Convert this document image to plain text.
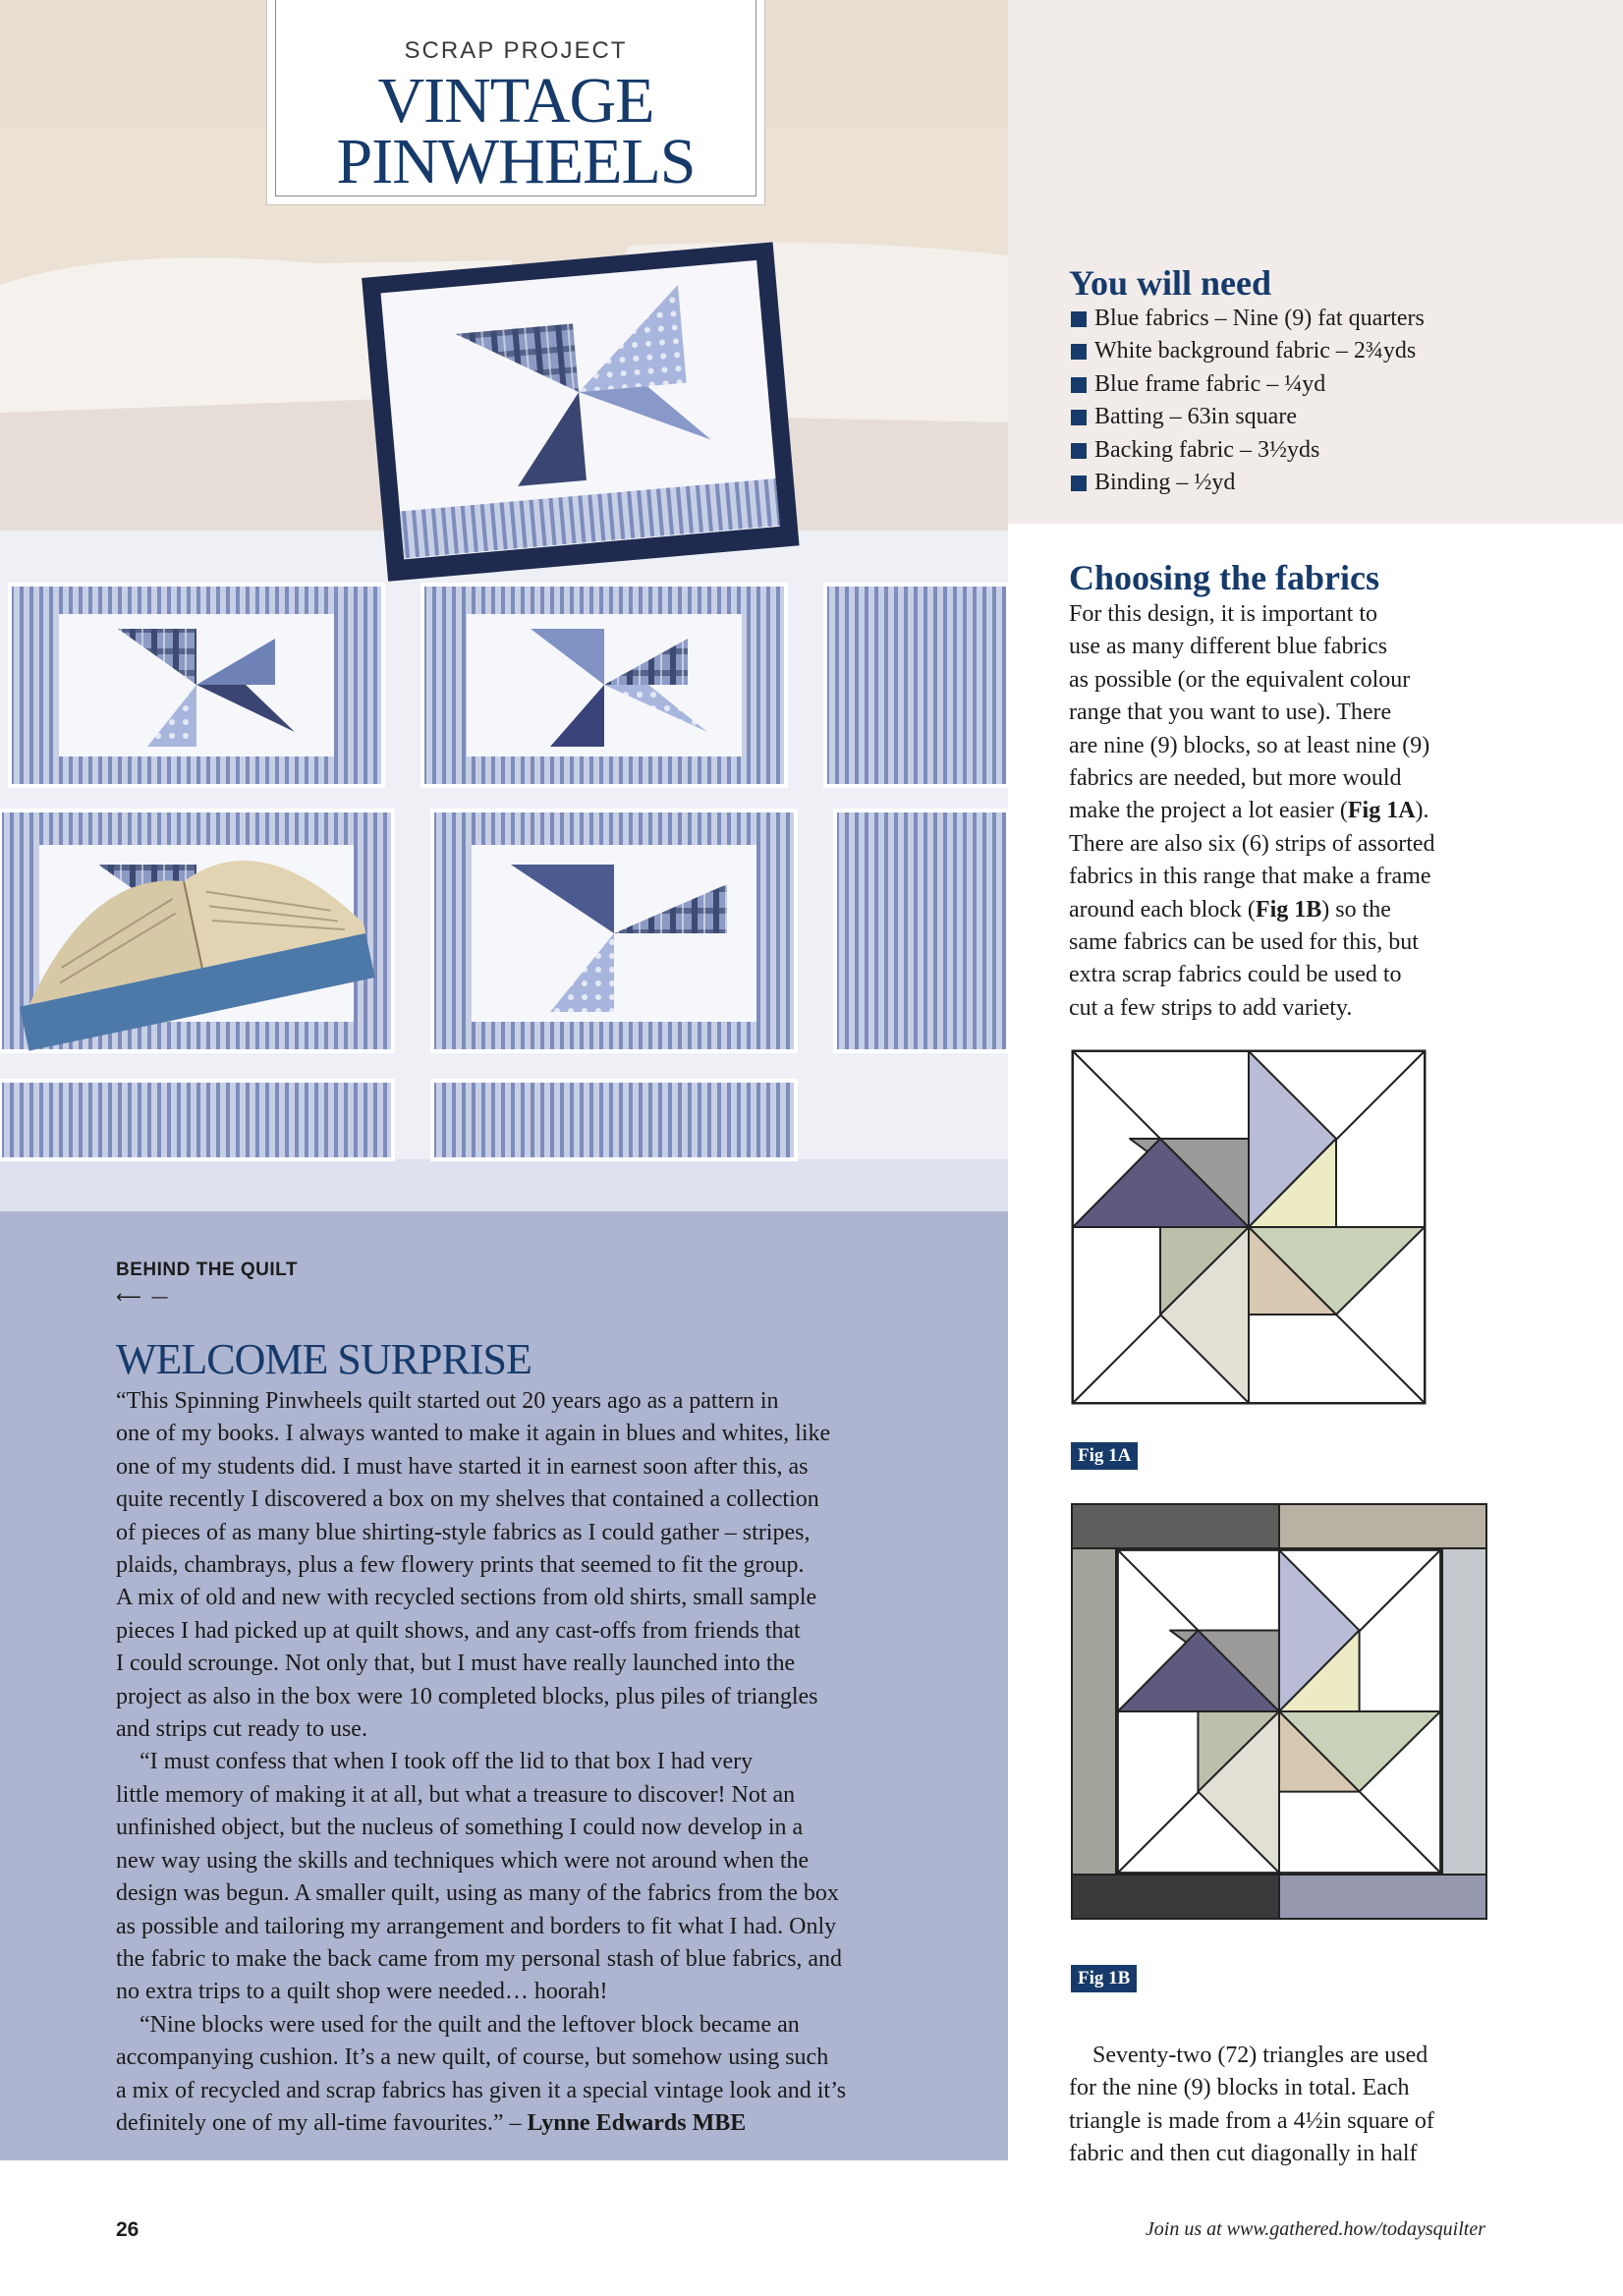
SCRAP PROJECT
VINTAGE
PINWHEELS
You will need
Blue fabrics – Nine (9) fat quarters
White background fabric – 2¾yds
Blue frame fabric – ¼yd
Batting – 63in square
Backing fabric – 3½yds
Binding – ½yd
Choosing the fabrics

For this design, it is important to
use as many different blue fabrics
as possible (or the equivalent colour
range that you want to use). There
are nine (9) blocks, so at least nine (9)
fabrics are needed, but more would
make the project a lot easier (Fig 1A).
There are also six (6) strips of assorted
fabrics in this range that make a frame
around each block (Fig 1B) so the
same fabrics can be used for this, but
extra scrap fabrics could be used to
cut a few strips to add variety.

Fig 1A
Fig 1B

Seventy-two (72) triangles are used
for the nine (9) blocks in total. Each
triangle is made from a 4½in square of
fabric and then cut diagonally in half

BEHIND THE QUILT
⟵ —
WELCOME SURPRISE

“This Spinning Pinwheels quilt started out 20 years ago as a pattern in
one of my books. I always wanted to make it again in blues and whites, like
one of my students did. I must have started it in earnest soon after this, as
quite recently I discovered a box on my shelves that contained a collection
of pieces of as many blue shirting-style fabrics as I could gather – stripes,
plaids, chambrays, plus a few flowery prints that seemed to fit the group.
A mix of old and new with recycled sections from old shirts, small sample
pieces I had picked up at quilt shows, and any cast-offs from friends that
I could scrounge. Not only that, but I must have really launched into the
project as also in the box were 10 completed blocks, plus piles of triangles
and strips cut ready to use.
“I must confess that when I took off the lid to that box I had very
little memory of making it at all, but what a treasure to discover! Not an
unfinished object, but the nucleus of something I could now develop in a
new way using the skills and techniques which were not around when the
design was begun. A smaller quilt, using as many of the fabrics from the box
as possible and tailoring my arrangement and borders to fit what I had. Only
the fabric to make the back came from my personal stash of blue fabrics, and
no extra trips to a quilt shop were needed… hoorah!
“Nine blocks were used for the quilt and the leftover block became an
accompanying cushion. It’s a new quilt, of course, but somehow using such
a mix of recycled and scrap fabrics has given it a special vintage look and it’s
definitely one of my all-time favourites.” – Lynne Edwards MBE

26	Join us at www.gathered.how/todaysquilter
